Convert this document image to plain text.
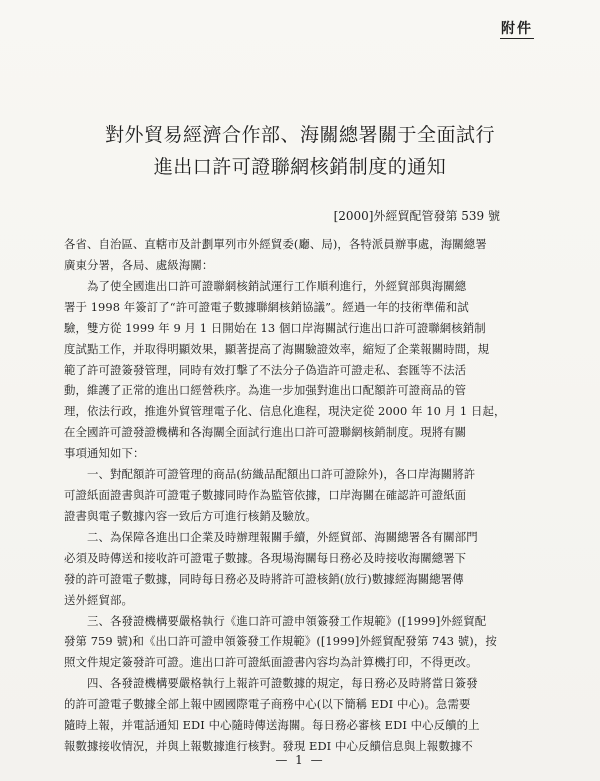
附件
對外貿易經濟合作部、海關總署關于全面試行
進出口許可證聯網核銷制度的通知
[2000]外經貿配管發第 539 號
各省、自治區、直轄市及計劃單列市外經貿委(廳、局)，各特派員辦事處，海關總署
廣東分署，各局、處級海關：
為了使全國進出口許可證聯網核銷試運行工作順利進行，外經貿部與海關總
署于 1998 年簽訂了“許可證電子數據聯網核銷協議”。經過一年的技術準備和試
驗，雙方從 1999 年 9 月 1 日開始在 13 個口岸海關試行進出口許可證聯網核銷制
度試點工作，并取得明顯效果，顯著提高了海關驗證效率，縮短了企業報關時間，規
範了許可證簽發管理，同時有效打擊了不法分子偽造許可證走私、套匯等不法活
動，維護了正常的進出口經營秩序。為進一步加强對進出口配額許可證商品的管
理，依法行政，推進外貿管理電子化、信息化進程，現決定從 2000 年 10 月 1 日起，
在全國許可證發證機構和各海關全面試行進出口許可證聯網核銷制度。現將有關
事項通知如下：
一、對配額許可證管理的商品(紡織品配額出口許可證除外)，各口岸海關將許
可證紙面證書與許可證電子數據同時作為監管依據，口岸海關在確認許可證紙面
證書與電子數據內容一致后方可進行核銷及驗放。
二、為保障各進出口企業及時辦理報關手續，外經貿部、海關總署各有關部門
必須及時傳送和接收許可證電子數據。各現場海關每日務必及時接收海關總署下
發的許可證電子數據，同時每日務必及時將許可證核銷(放行)數據經海關總署傳
送外經貿部。
三、各發證機構要嚴格執行《進口許可證申領簽發工作規範》([1999]外經貿配
發第 759 號)和《出口許可證申領簽發工作規範》([1999]外經貿配發第 743 號)，按
照文件規定簽發許可證。進出口許可證紙面證書內容均為計算機打印，不得更改。
四、各發證機構要嚴格執行上報許可證數據的規定，每日務必及時將當日簽發
的許可證電子數據全部上報中國國際電子商務中心(以下簡稱 EDI 中心)。急需要
隨時上報，并電話通知 EDI 中心隨時傳送海關。每日務必審核 EDI 中心反饋的上
報數據接收情況，并與上報數據進行核對。發現 EDI 中心反饋信息與上報數據不
— 1 —
